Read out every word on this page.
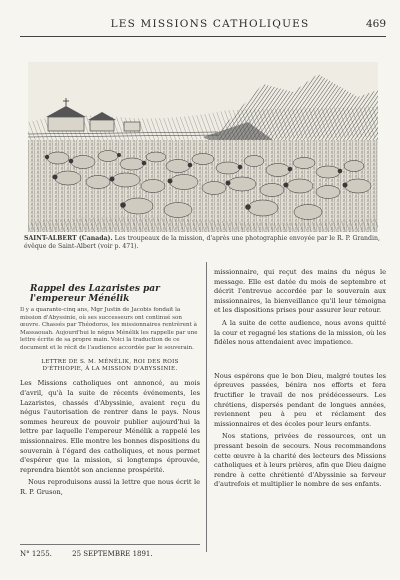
LES MISSIONS CATHOLIQUES	469
SAINT-ALBERT (Canada). Les troupeaux de la mission, d'après une photographie envoyée par le R. P. Grandin, évêque de Saint-Albert (voir p. 471).
Rappel des Lazaristes par l'empereur Ménélik

Il y a quarante-cinq ans, Mgr Justin de Jacobis fondait la mission d'Abyssinie, où ses successeurs ont continué son œuvre. Chassés par Théodoros, les missionnaires rentrèrent à Massaouah. Aujourd'hui le négus Ménélik les rappelle par une lettre écrite de sa propre main. Voici la traduction de ce document et le récit de l'audience accordée par le souverain.

LETTRE DE S. M. MÉNÉLIK, ROI DES ROIS D'ÉTHIOPIE, À LA MISSION D'ABYSSINIE.

Les Missions catholiques ont annoncé, au mois d'avril, qu'à la suite de récents événements, les Lazaristes, chassés d'Abyssinie, avaient reçu du négus l'autorisation de rentrer dans le pays. Nous sommes heureux de pouvoir publier aujourd'hui la lettre par laquelle l'empereur Ménélik a rappelé les missionnaires. Elle montre les bonnes dispositions du souverain à l'égard des catholiques, et nous permet d'espérer que la mission, si longtemps éprouvée, reprendra bientôt son ancienne prospérité.

Nous reproduisons aussi la lettre que nous écrit le R. P. Gruson,

missionnaire, qui reçut des mains du négus le message. Elle est datée du mois de septembre et décrit l'entrevue accordée par le souverain aux missionnaires, la bienveillance qu'il leur témoigna et les dispositions prises pour assurer leur retour.

A la suite de cette audience, nous avons quitté la cour et regagné les stations de la mission, où les fidèles nous attendaient avec impatience.

Nous espérons que le bon Dieu, malgré toutes les épreuves passées, bénira nos efforts et fera fructifier le travail de nos prédécesseurs. Les chrétiens, dispersés pendant de longues années, reviennent peu à peu et réclament des missionnaires et des écoles pour leurs enfants.

Nos stations, privées de ressources, ont un pressant besoin de secours. Nous recommandons cette œuvre à la charité des lecteurs des Missions catholiques et à leurs prières, afin que Dieu daigne rendre à cette chrétienté d'Abyssinie sa ferveur d'autrefois et multiplier le nombre de ses enfants.

N° 1255.	25 SEPTEMBRE 1891.
